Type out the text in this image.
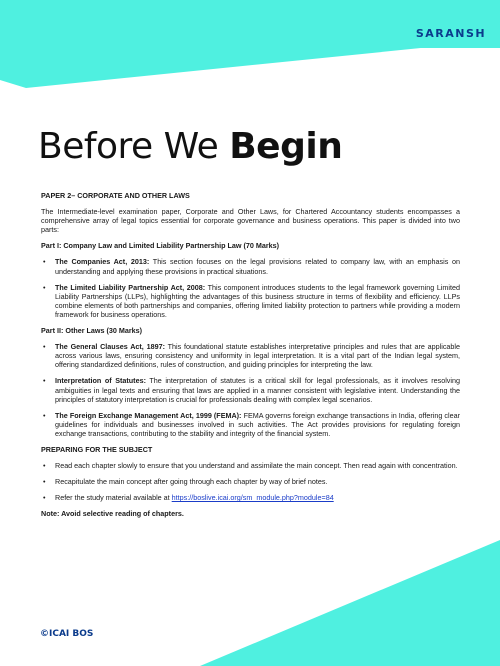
SARANSH
Before We Begin
PAPER 2– CORPORATE AND OTHER LAWS

The Intermediate-level examination paper, Corporate and Other Laws, for Chartered Accountancy students encompasses a comprehensive array of legal topics essential for corporate governance and business operations. This paper is divided into two parts:

Part I: Company Law and Limited Liability Partnership Law (70 Marks)
• The Companies Act, 2013: This section focuses on the legal provisions related to company law, with an emphasis on understanding and applying these provisions in practical situations.
• The Limited Liability Partnership Act, 2008: This component introduces students to the legal framework governing Limited Liability Partnerships (LLPs), highlighting the advantages of this business structure in terms of flexibility and efficiency. LLPs combine elements of both partnerships and companies, offering limited liability protection to partners while providing a modern framework for business operations.
Part II: Other Laws (30 Marks)
• The General Clauses Act, 1897: This foundational statute establishes interpretative principles and rules that are applicable across various laws, ensuring consistency and uniformity in legal interpretation. It is a vital part of the Indian legal system, offering standardized definitions, rules of construction, and guiding principles for interpreting the law.
• Interpretation of Statutes: The interpretation of statutes is a critical skill for legal professionals, as it involves resolving ambiguities in legal texts and ensuring that laws are applied in a manner consistent with legislative intent. Understanding the principles of statutory interpretation is crucial for professionals dealing with complex legal scenarios.
• The Foreign Exchange Management Act, 1999 (FEMA): FEMA governs foreign exchange transactions in India, offering clear guidelines for individuals and businesses involved in such activities. The Act provides provisions for regulating foreign exchange transactions, contributing to the stability and integrity of the financial system.
PREPARING FOR THE SUBJECT
• Read each chapter slowly to ensure that you understand and assimilate the main concept. Then read again with concentration.
• Recapitulate the main concept after going through each chapter by way of brief notes.
• Refer the study material available at https://boslive.icai.org/sm_module.php?module=84
Note: Avoid selective reading of chapters.
©ICAI BOS
